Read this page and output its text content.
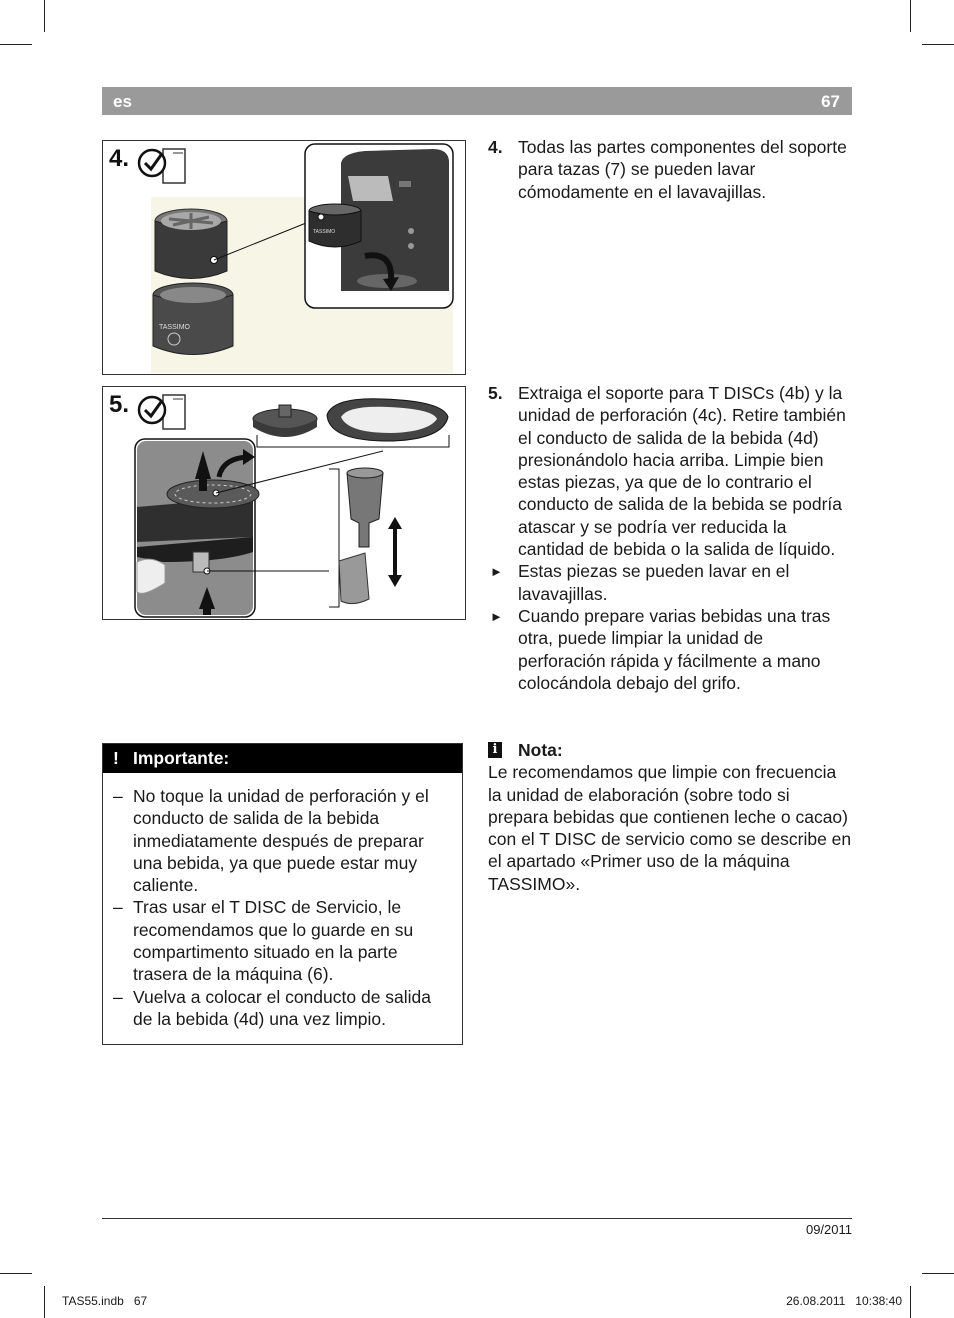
es	67
TASSIMO
TASSIMO
4.
5.
4. Todas las partes componentes del soporte para tazas (7) se pueden lavar cómodamente en el lavavajillas.
5. Extraiga el soporte para T DISCs (4b) y la unidad de perforación (4c). Retire también el conducto de salida de la bebida (4d) presionándolo hacia arriba. Limpie bien estas piezas, ya que de lo contrario el conducto de salida de la bebida se podría atascar y se podría ver reducida la cantidad de bebida o la salida de líquido.
► Estas piezas se pueden lavar en el lavavajillas.
► Cuando prepare varias bebidas una tras otra, puede limpiar la unidad de perforación rápida y fácilmente a mano colocándola debajo del grifo.
i Nota:
Le recomendamos que limpie con frecuencia la unidad de elaboración (sobre todo si prepara bebidas que contienen leche o cacao) con el T DISC de servicio como se describe en el apartado «Primer uso de la máquina TASSIMO».
! Importante:
– No toque la unidad de perforación y el conducto de salida de la bebida inmediatamente después de preparar una bebida, ya que puede estar muy caliente.
– Tras usar el T DISC de Servicio, le recomendamos que lo guarde en su compartimento situado en la parte trasera de la máquina (6).
– Vuelva a colocar el conducto de salida de la bebida (4d) una vez limpio.
09/2011
TAS55.indb   67	26.08.2011   10:38:40
